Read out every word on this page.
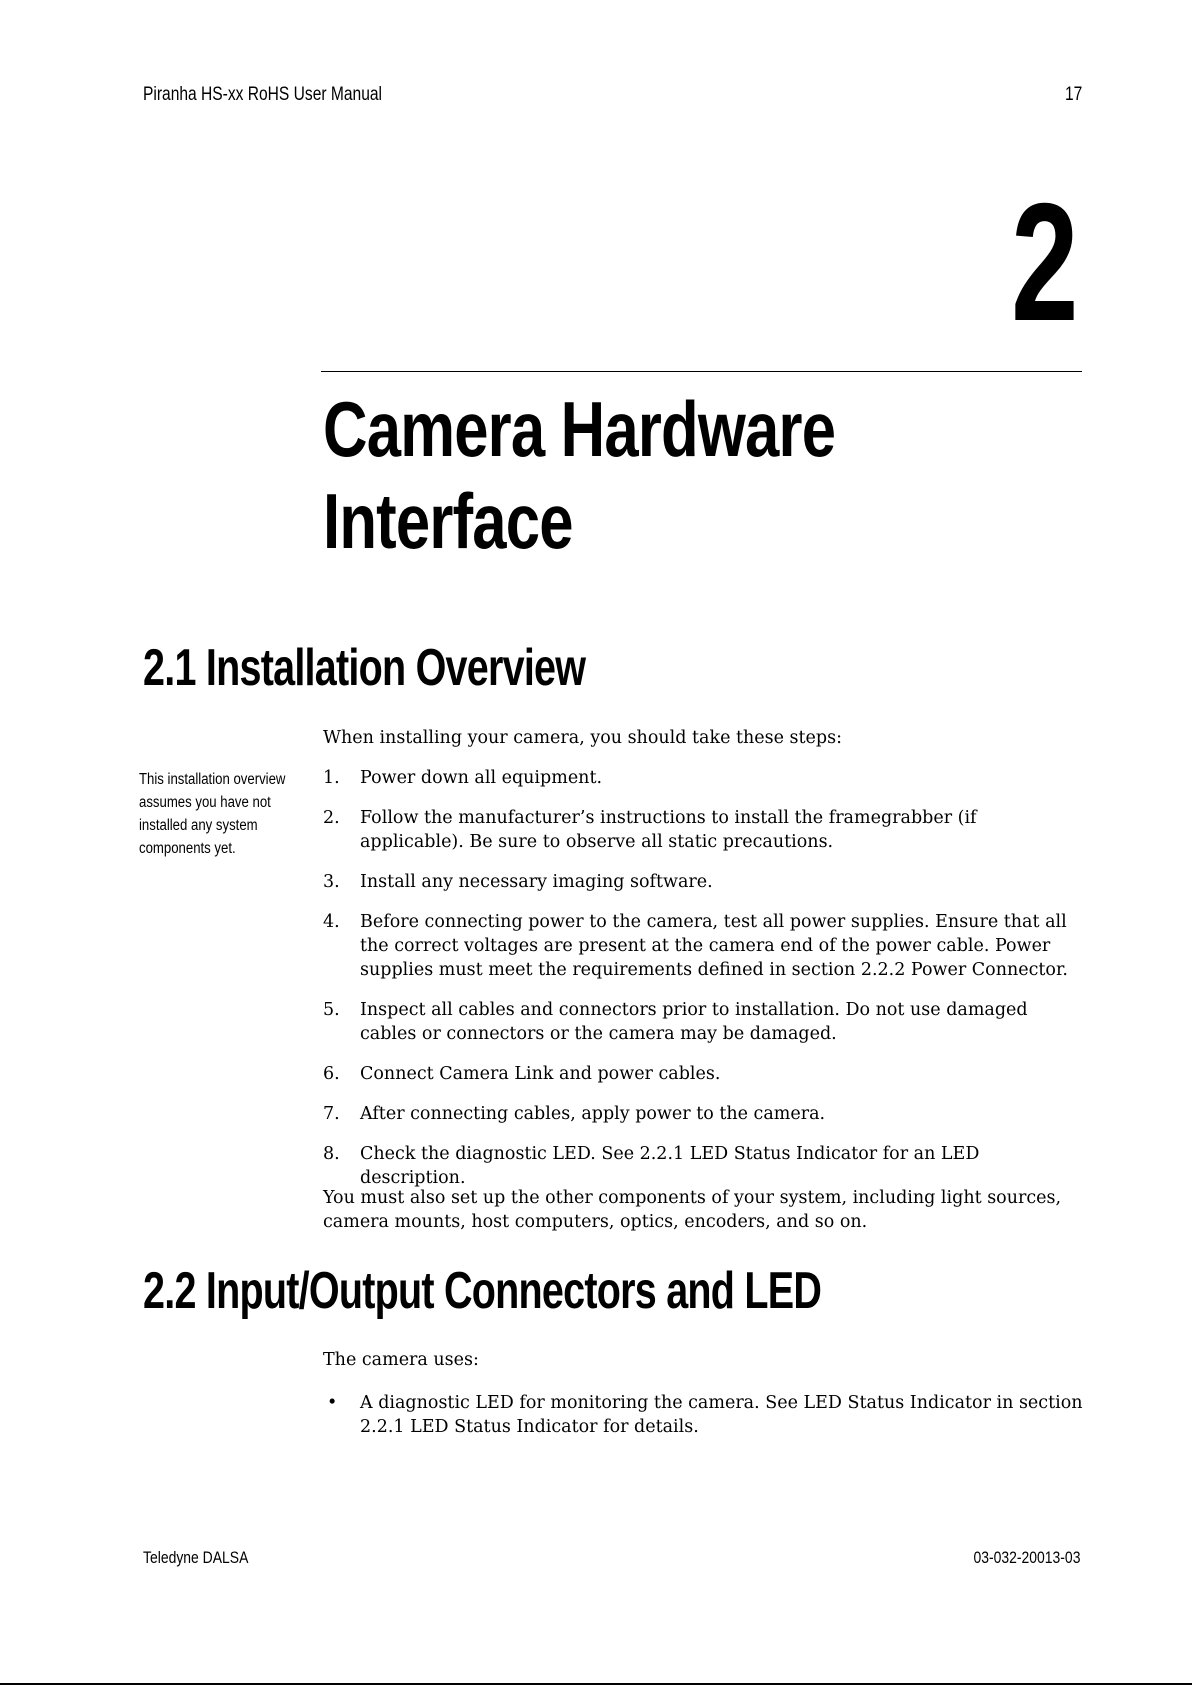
Piranha HS-xx RoHS User Manual	17
2
Camera Hardware
Interface
2.1 Installation Overview
This installation overview assumes you have not installed any system components yet.
When installing your camera, you should take these steps:
1. Power down all equipment.
2. Follow the manufacturer’s instructions to install the framegrabber (if applicable). Be sure to observe all static precautions.
3. Install any necessary imaging software.
4. Before connecting power to the camera, test all power supplies. Ensure that all the correct voltages are present at the camera end of the power cable. Power supplies must meet the requirements defined in section 2.2.2 Power Connector.
5. Inspect all cables and connectors prior to installation. Do not use damaged cables or connectors or the camera may be damaged.
6. Connect Camera Link and power cables.
7. After connecting cables, apply power to the camera.
8. Check the diagnostic LED. See 2.2.1 LED Status Indicator for an LED description.
You must also set up the other components of your system, including light sources, camera mounts, host computers, optics, encoders, and so on.
2.2 Input/Output Connectors and LED
The camera uses:
• A diagnostic LED for monitoring the camera. See LED Status Indicator in section 2.2.1 LED Status Indicator for details.
Teledyne DALSA	03-032-20013-03
